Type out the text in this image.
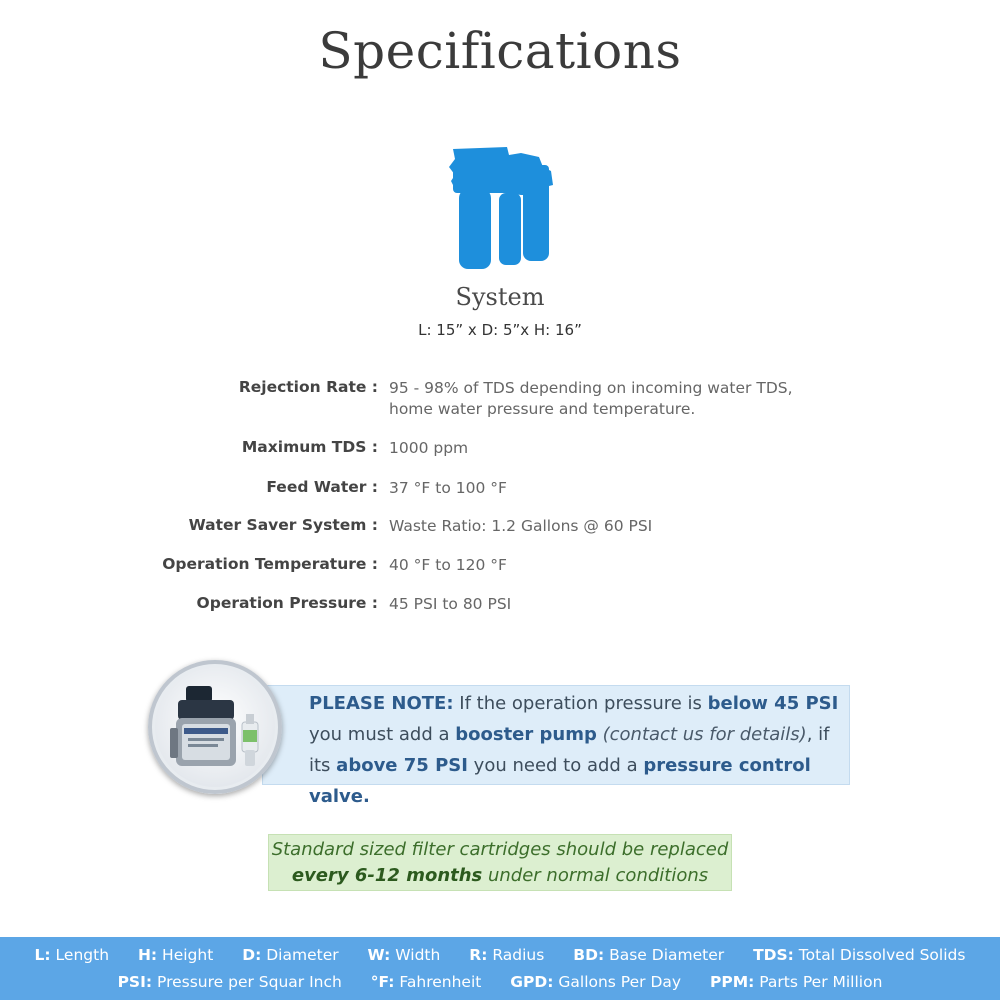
Specifications
System
L: 15” x D: 5”x H: 16”
Rejection Rate : 95 - 98% of TDS depending on incoming water TDS, home water pressure and temperature.
Maximum TDS : 1000 ppm
Feed Water : 37 °F to 100 °F
Water Saver System : Waste Ratio: 1.2 Gallons @ 60 PSI
Operation Temperature : 40 °F to 120 °F
Operation Pressure : 45 PSI to 80 PSI
PLEASE NOTE: If the operation pressure is below 45 PSI you must add a booster pump (contact us for details), if its above 75 PSI you need to add a pressure control valve.
Standard sized filter cartridges should be replaced
every 6-12 months under normal conditions
L: Length H: Height D: Diameter W: Width R: Radius BD: Base Diameter TDS: Total Dissolved Solids
PSI: Pressure per Squar Inch °F: Fahrenheit GPD: Gallons Per Day PPM: Parts Per Million
